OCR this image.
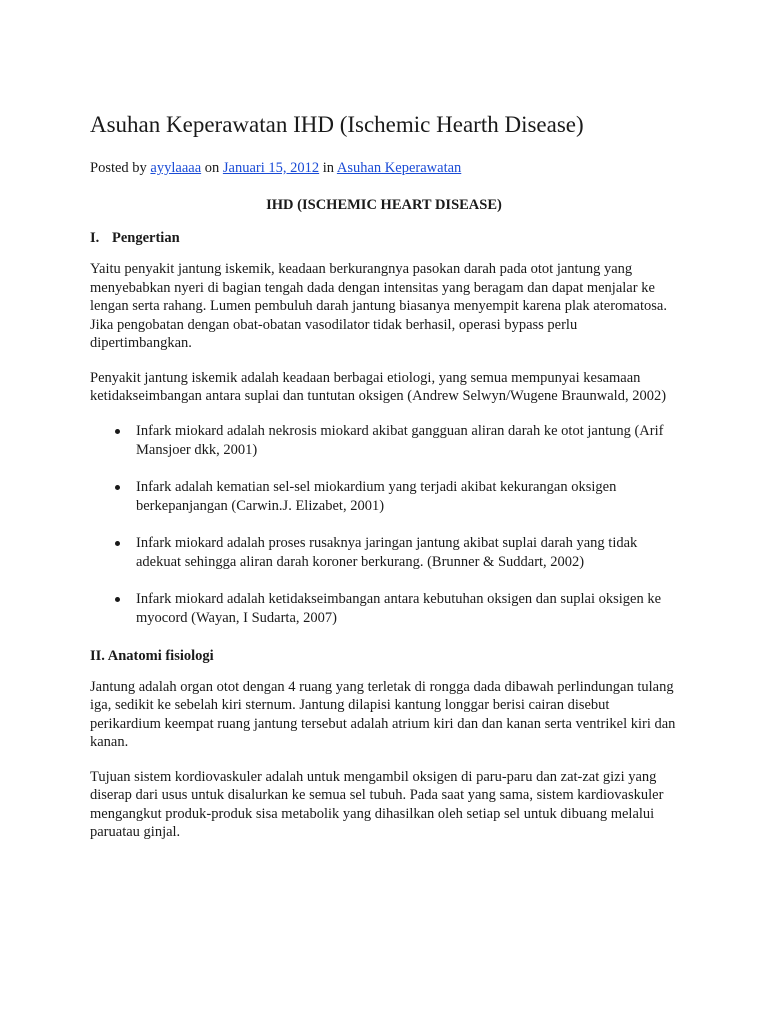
Asuhan Keperawatan IHD (Ischemic Hearth Disease)
Posted by ayylaaaa on Januari 15, 2012 in Asuhan Keperawatan
IHD (ISCHEMIC HEART DISEASE)
I. Pengertian

Yaitu penyakit jantung iskemik, keadaan berkurangnya pasokan darah pada otot jantung yang menyebabkan nyeri di bagian tengah dada dengan intensitas yang beragam dan dapat menjalar ke lengan serta rahang. Lumen pembuluh darah jantung biasanya menyempit karena plak ateromatosa. Jika pengobatan dengan obat-obatan vasodilator tidak berhasil, operasi bypass perlu dipertimbangkan.

Penyakit jantung iskemik adalah keadaan berbagai etiologi, yang semua mempunyai kesamaan ketidakseimbangan antara suplai dan tuntutan oksigen (Andrew Selwyn/Wugene Braunwald, 2002)

Infark miokard adalah nekrosis miokard akibat gangguan aliran darah ke otot jantung (Arif Mansjoer dkk, 2001)
Infark adalah kematian sel-sel miokardium yang terjadi akibat kekurangan oksigen berkepanjangan (Carwin.J. Elizabet, 2001)
Infark miokard adalah proses rusaknya jaringan jantung akibat suplai darah yang tidak adekuat sehingga aliran darah koroner berkurang. (Brunner & Suddart, 2002)
Infark miokard adalah ketidakseimbangan antara kebutuhan oksigen dan suplai oksigen ke myocord (Wayan, I Sudarta, 2007)
II. Anatomi fisiologi

Jantung adalah organ otot dengan 4 ruang yang terletak di rongga dada dibawah perlindungan tulang iga, sedikit ke sebelah kiri sternum. Jantung dilapisi kantung longgar berisi cairan disebut perikardium keempat ruang jantung tersebut adalah atrium kiri dan dan kanan serta ventrikel kiri dan kanan.

Tujuan sistem kordiovaskuler adalah untuk mengambil oksigen di paru-paru dan zat-zat gizi yang diserap dari usus untuk disalurkan ke semua sel tubuh. Pada saat yang sama, sistem kardiovaskuler mengangkut produk-produk sisa metabolik yang dihasilkan oleh setiap sel untuk dibuang melalui paruatau ginjal.
